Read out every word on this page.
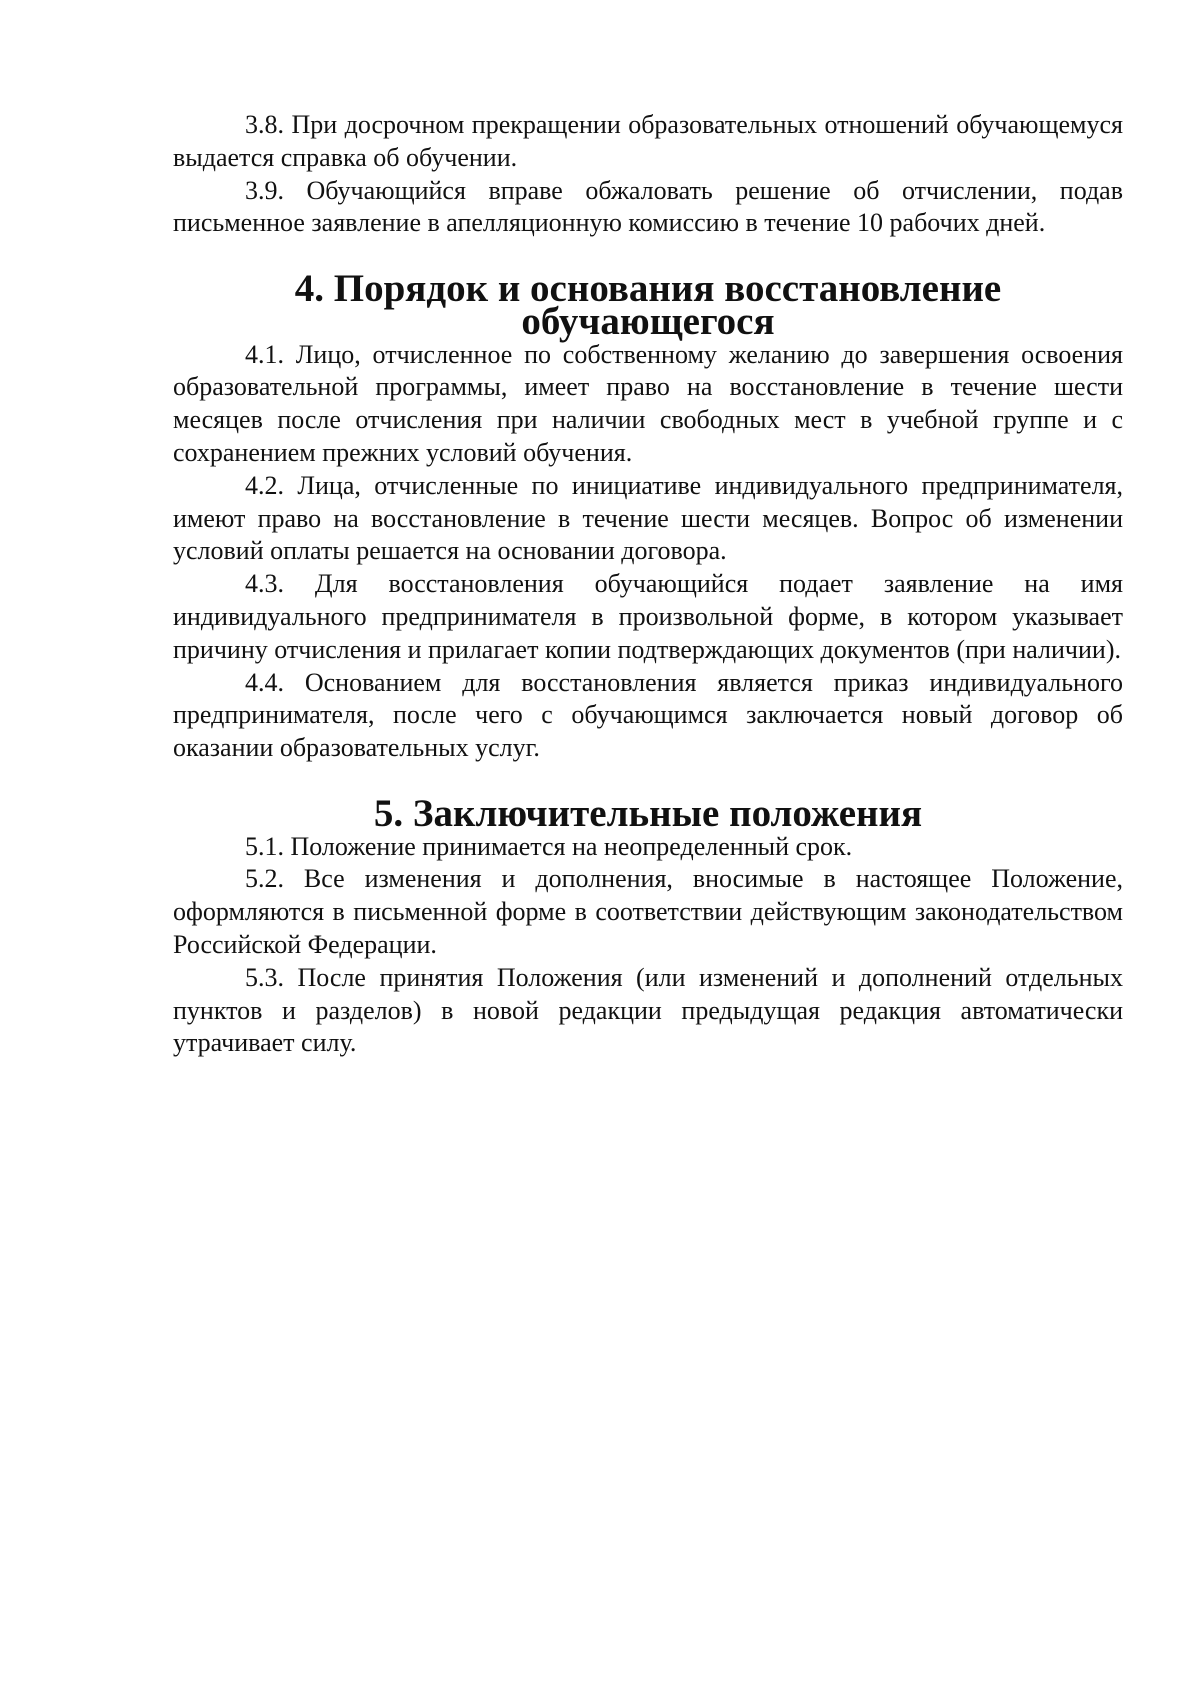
3.8. При досрочном прекращении образовательных отношений обучающемуся выдается справка об обучении.

3.9. Обучающийся вправе обжаловать решение об отчислении, подав письменное заявление в апелляционную комиссию в течение 10 рабочих дней.

4. Порядок и основания восстановление обучающегося

4.1. Лицо, отчисленное по собственному желанию до завершения освоения образовательной программы, имеет право на восстановление в течение шести месяцев после отчисления при наличии свободных мест в учебной группе и с сохранением прежних условий обучения.

4.2. Лица, отчисленные по инициативе индивидуального предпринимателя, имеют право на восстановление в течение шести месяцев. Вопрос об изменении условий оплаты решается на основании договора.

4.3. Для восстановления обучающийся подает заявление на имя индивидуального предпринимателя в произвольной форме, в котором указывает причину отчисления и прилагает копии подтверждающих документов (при наличии).

4.4. Основанием для восстановления является приказ индивидуального предпринимателя, после чего с обучающимся заключается новый договор об оказании образовательных услуг.

5. Заключительные положения

5.1. Положение принимается на неопределенный срок.

5.2. Все изменения и дополнения, вносимые в настоящее Положение, оформляются в письменной форме в соответствии действующим законодательством Российской Федерации.

5.3. После принятия Положения (или изменений и дополнений отдельных пунктов и разделов) в новой редакции предыдущая редакция автоматически утрачивает силу.
